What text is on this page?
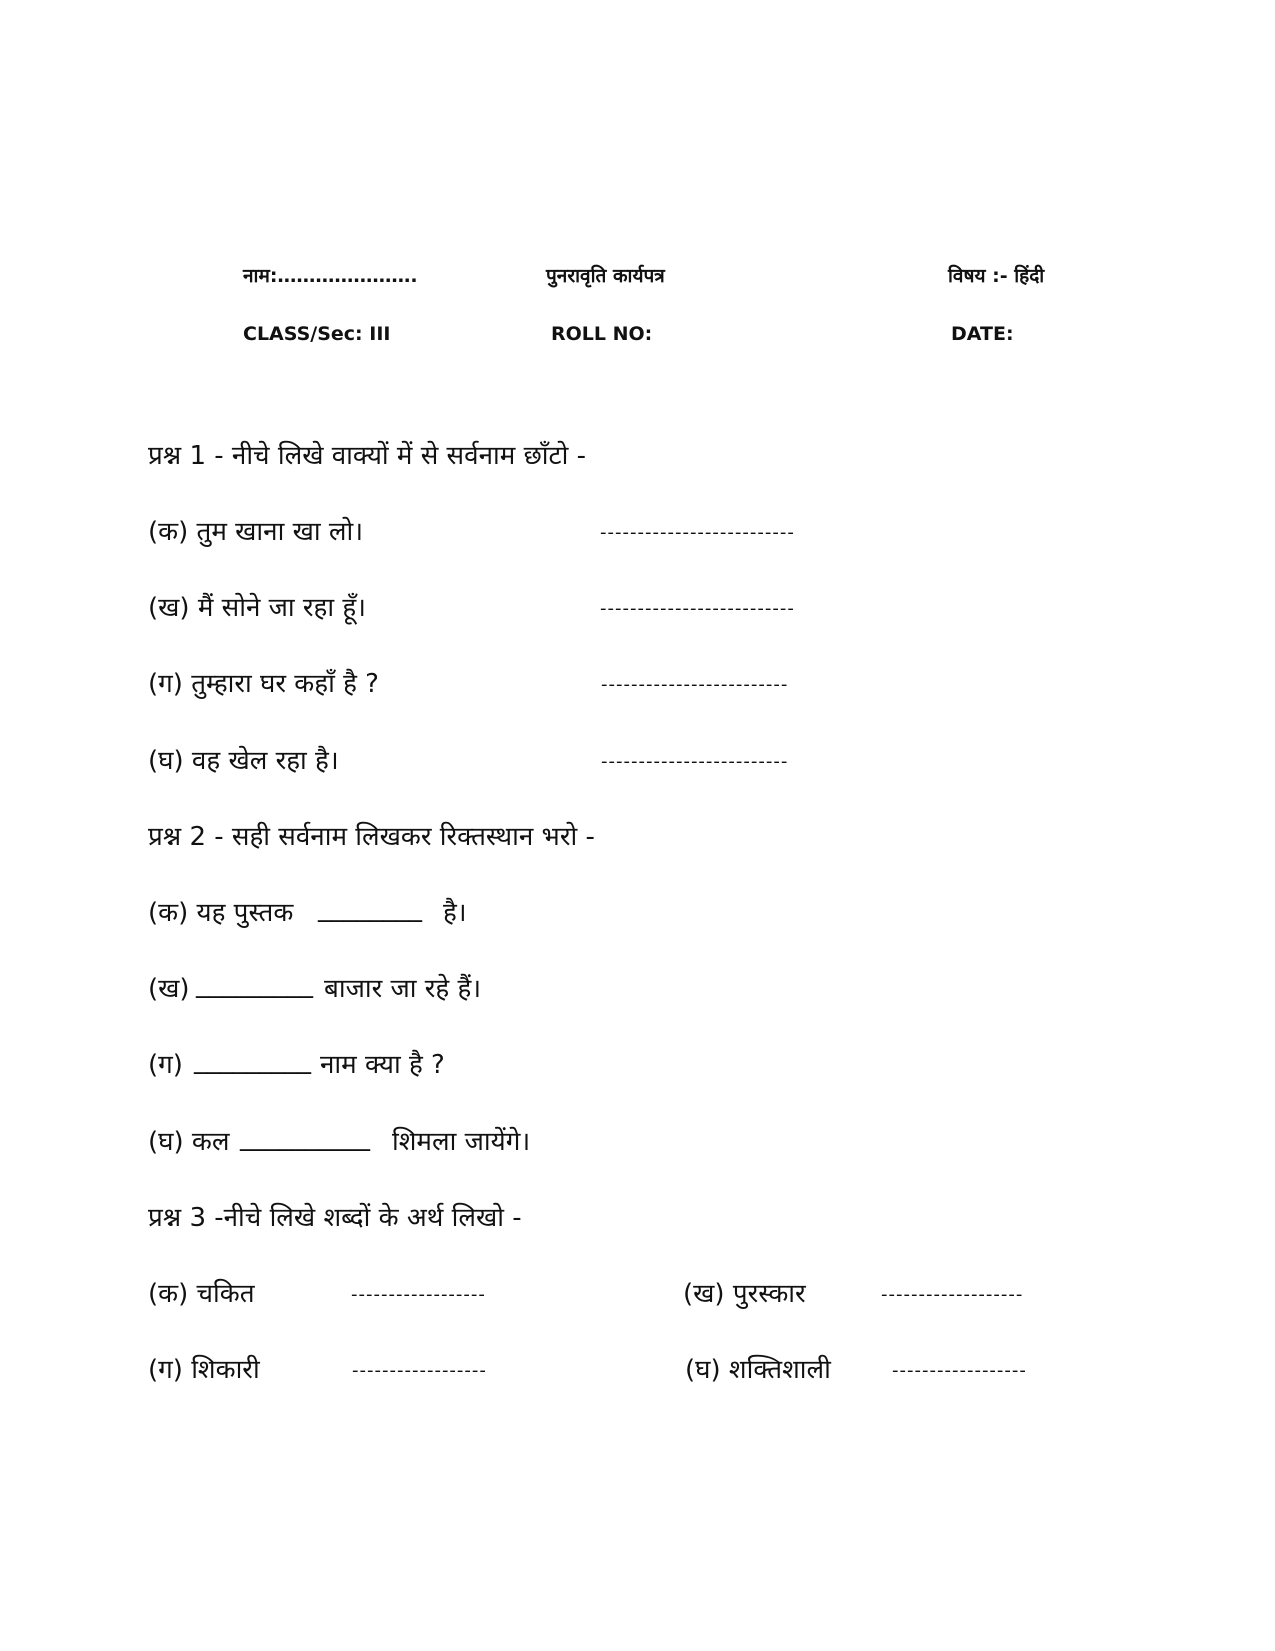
नाम:………………….	पुनरावृति कार्यपत्र	विषय :- हिंदी
CLASS/Sec: III	ROLL NO:	DATE:
प्रश्न 1 - नीचे लिखे वाक्यों में से सर्वनाम छाँटो -
(क) तुम खाना खा लो।	--------------------------
(ख) मैं सोने जा रहा हूँ।	--------------------------
(ग) तुम्हारा घर कहाँ है ?	-------------------------
(घ) वह खेल रहा है।	-------------------------
प्रश्न 2 - सही सर्वनाम लिखकर रिक्तस्थान भरो -
(क) यह पुस्तक ________ है।
(ख) _________ बाजार जा रहे हैं।
(ग) _________ नाम क्या है ?
(घ) कल __________ शिमला जायेंगे।
प्रश्न 3 -नीचे लिखे शब्दों के अर्थ लिखो -
(क) चकित	------------------	(ख) पुरस्कार	-------------------
(ग) शिकारी	------------------	(घ) शक्तिशाली	------------------
